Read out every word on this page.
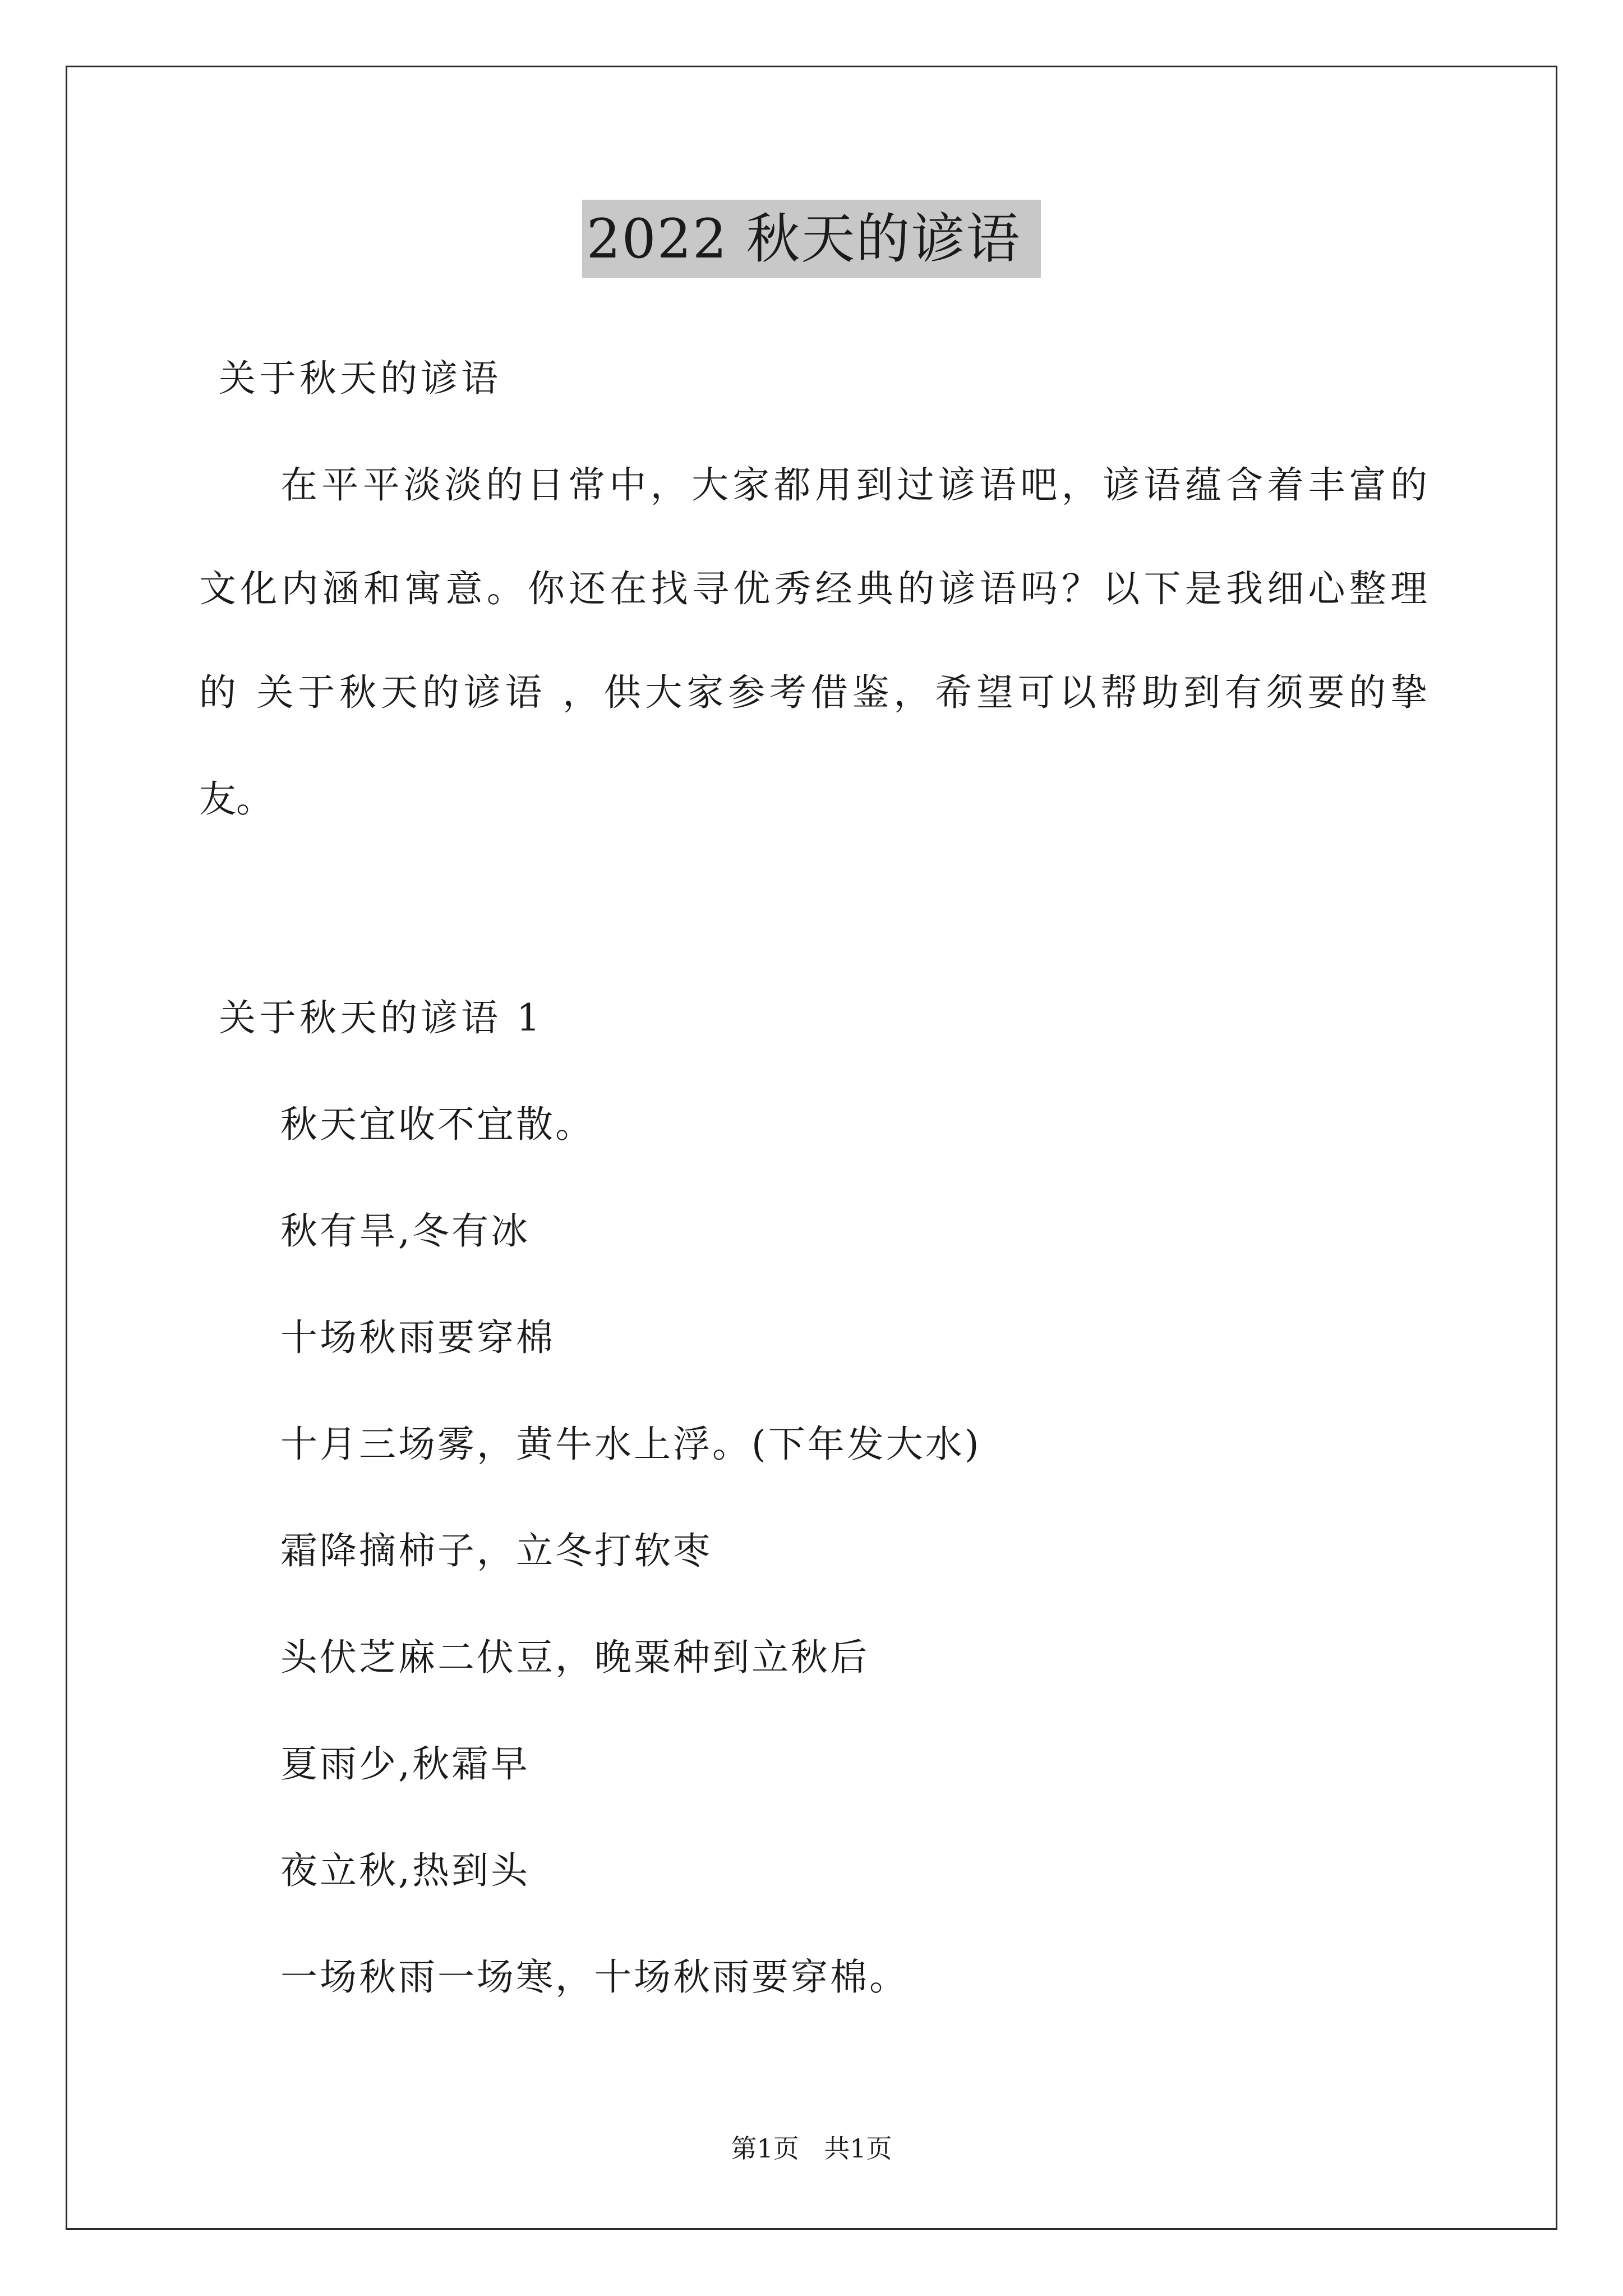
2022 秋天的谚语
关于秋天的谚语
在平平淡淡的日常中，大家都用到过谚语吧，谚语蕴含着丰富的
文化内涵和寓意。你还在找寻优秀经典的谚语吗？以下是我细心整理
的 关于秋天的谚语 ，供大家参考借鉴，希望可以帮助到有须要的挚
友。
关于秋天的谚语 1
秋天宜收不宜散。
秋有旱,冬有冰
十场秋雨要穿棉
十月三场雾，黄牛水上浮。(下年发大水)
霜降摘柿子，立冬打软枣
头伏芝麻二伏豆，晚粟种到立秋后
夏雨少,秋霜早
夜立秋,热到头
一场秋雨一场寒，十场秋雨要穿棉。
第1页 共1页
